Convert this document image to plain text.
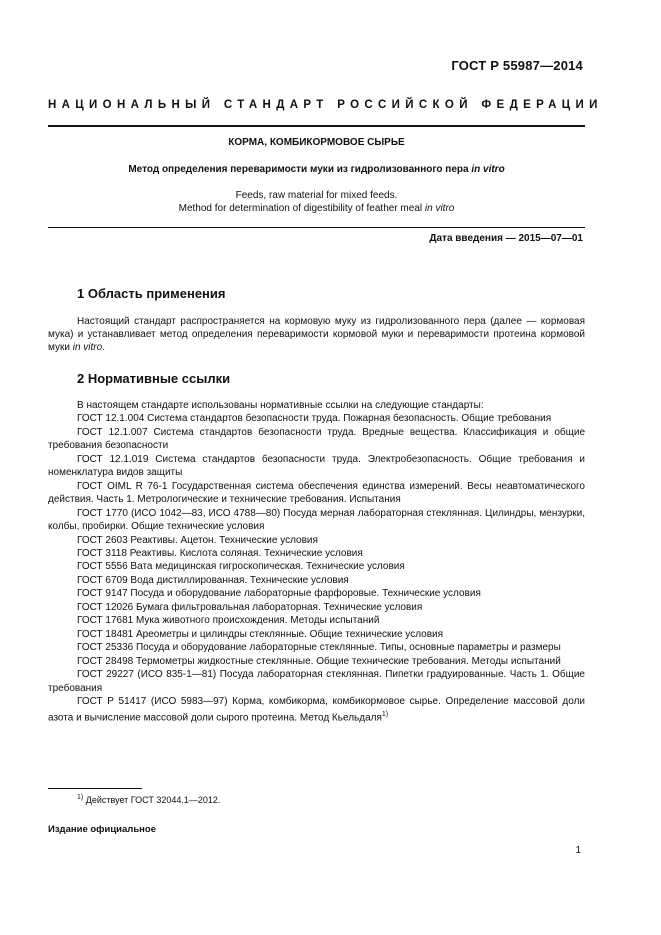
ГОСТ Р 55987—2014
НАЦИОНАЛЬНЫЙ СТАНДАРТ РОССИЙСКОЙ ФЕДЕРАЦИИ
КОРМА, КОМБИКОРМОВОЕ СЫРЬЕ
Метод определения переваримости муки из гидролизованного пера in vitro
Feeds, raw material for mixed feeds.
Method for determination of digestibility of feather meal in vitro
Дата введения — 2015—07—01
1 Область применения
Настоящий стандарт распространяется на кормовую муку из гидролизованного пера (далее — кормовая мука) и устанавливает метод определения переваримости кормовой муки и переваримости протеина кормовой муки in vitro.
2 Нормативные ссылки

В настоящем стандарте использованы нормативные ссылки на следующие стандарты:

ГОСТ 12.1.004 Система стандартов безопасности труда. Пожарная безопасность. Общие требования

ГОСТ 12.1.007 Система стандартов безопасности труда. Вредные вещества. Классификация и общие требования безопасности

ГОСТ 12.1.019 Система стандартов безопасности труда. Электробезопасность. Общие требования и номенклатура видов защиты

ГОСТ OIML R 76-1 Государственная система обеспечения единства измерений. Весы неавтоматического действия. Часть 1. Метрологические и технические требования. Испытания

ГОСТ 1770 (ИСО 1042—83, ИСО 4788—80) Посуда мерная лабораторная стеклянная. Цилиндры, мензурки, колбы, пробирки. Общие технические условия

ГОСТ 2603 Реактивы. Ацетон. Технические условия

ГОСТ 3118 Реактивы. Кислота соляная. Технические условия

ГОСТ 5556 Вата медицинская гигроскопическая. Технические условия

ГОСТ 6709 Вода дистиллированная. Технические условия

ГОСТ 9147 Посуда и оборудование лабораторные фарфоровые. Технические условия

ГОСТ 12026 Бумага фильтровальная лабораторная. Технические условия

ГОСТ 17681 Мука животного происхождения. Методы испытаний

ГОСТ 18481 Ареометры и цилиндры стеклянные. Общие технические условия

ГОСТ 25336 Посуда и оборудование лабораторные стеклянные. Типы, основные параметры и размеры

ГОСТ 28498 Термометры жидкостные стеклянные. Общие технические требования. Методы испытаний

ГОСТ 29227 (ИСО 835-1—81) Посуда лабораторная стеклянная. Пипетки градуированные. Часть 1. Общие требования

ГОСТ Р 51417 (ИСО 5983—97) Корма, комбикорма, комбикормовое сырье. Определение массовой доли азота и вычисление массовой доли сырого протеина. Метод Кьельдаля$^{1)}$

$^{1)}$ Действует ГОСТ 32044.1—2012.
Издание официальное
1
